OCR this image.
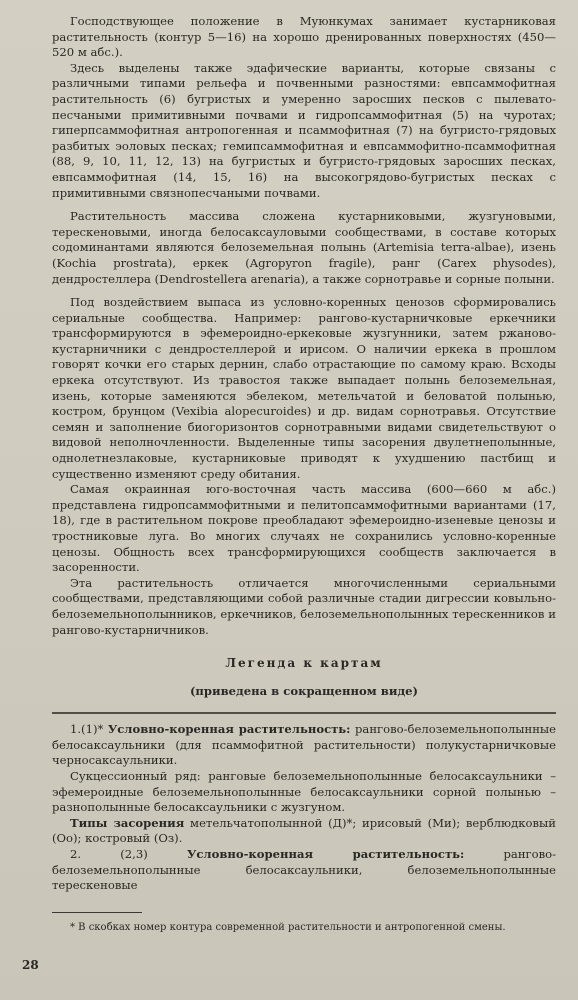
Господствующее положение в Муюнкумах занимает кустарниковая растительность (контур 5—16) на хорошо дренированных поверхностях (450—520 м абс.).

Здесь выделены также эдафические варианты, которые связаны с различными типами рельефа и почвенными разностями: евпсаммофитная растительность (6) бугристых и умеренно заросших песков с пылевато-песчаными примитивными почвами и гидропсаммофитная (5) на чуротах; гиперпсаммофитная антропогенная и псаммофитная (7) на бугристо-грядовых разбитых эоловых песках; гемипсаммофитная и евпсаммофитно-псаммофитная (88, 9, 10, 11, 12, 13) на бугристых и бугристо-грядовых заросших песках, евпсаммофитная (14, 15, 16) на высокогрядово-бугристых песках с примитивными связнопесчаными почвами.

Растительность массива сложена кустарниковыми, жузгуновыми, терескеновыми, иногда белосаксауловыми сообществами, в составе которых содоминантами являются белоземельная полынь (Artemisia terra-albae), изень (Kochia prostrata), еркек (Agropyron fragile), ранг (Carex physodes), дендростеллера (Dendrostellera arenaria), а также сорнотравье и сорные полыни.

Под воздействием выпаса из условно-коренных ценозов сформировались сериальные сообщества. Например: рангово-кустарничковые еркечники трансформируются в эфемероидно-еркековые жузгунники, затем ржаново-кустарничники с дендростеллерой и ирисом. О наличии еркека в прошлом говорят кочки его старых дернин, слабо отрастающие по самому краю. Всходы еркека отсутствуют. Из травостоя также выпадает полынь белоземельная, изень, которые заменяются эбелеком, метельчатой и беловатой полынью, костром, брунцом (Vexibia alopecuroides) и др. видам сорнотравья. Отсутствие семян и заполнение биогоризонтов сорнотравными видами свидетельствуют о видовой неполночленности. Выделенные типы засорения двулетнеполынные, однолетнезлаковые, кустарниковые приводят к ухудшению пастбищ и существенно изменяют среду обитания.

Самая окраинная юго-восточная часть массива (600—660 м абс.) представлена гидропсаммофитными и пелитопсаммофитными вариантами (17, 18), где в растительном покрове преобладают эфемероидно-изеневые ценозы и тростниковые луга. Во многих случаях не сохранились условно-коренные ценозы. Общность всех трансформирующихся сообществ заключается в засоренности.

Эта растительность отличается многочисленными сериальными сообществами, представляющими собой различные стадии дигрессии ковыльно-белоземельнополынников, еркечников, белоземельнополынных терескенников и рангово-кустарничников.

Легенда к картам
(приведена в сокращенном виде)

1.(1)* Условно-коренная растительность: рангово-белоземельнополынные белосаксаульники (для псаммофитной растительности) полукустарничковые черносаксаульники.

Сукцессионный ряд: ранговые белоземельнополынные белосаксаульники – эфемероидные белоземельнополынные белосаксаульники сорной полынью – разнополынные белосаксаульники с жузгуном.

Типы засорения метельчатополынной (Д)*; ирисовый (Ми); верблюдковый (Оо); костровый (Оз).

2. (2,3)	Условно-коренная растительность:	рангово-белоземельнополынные белосаксаульники, белоземельнополынные терескеновые

* В скобках номер контура современной растительности и антропогенной смены.

28
